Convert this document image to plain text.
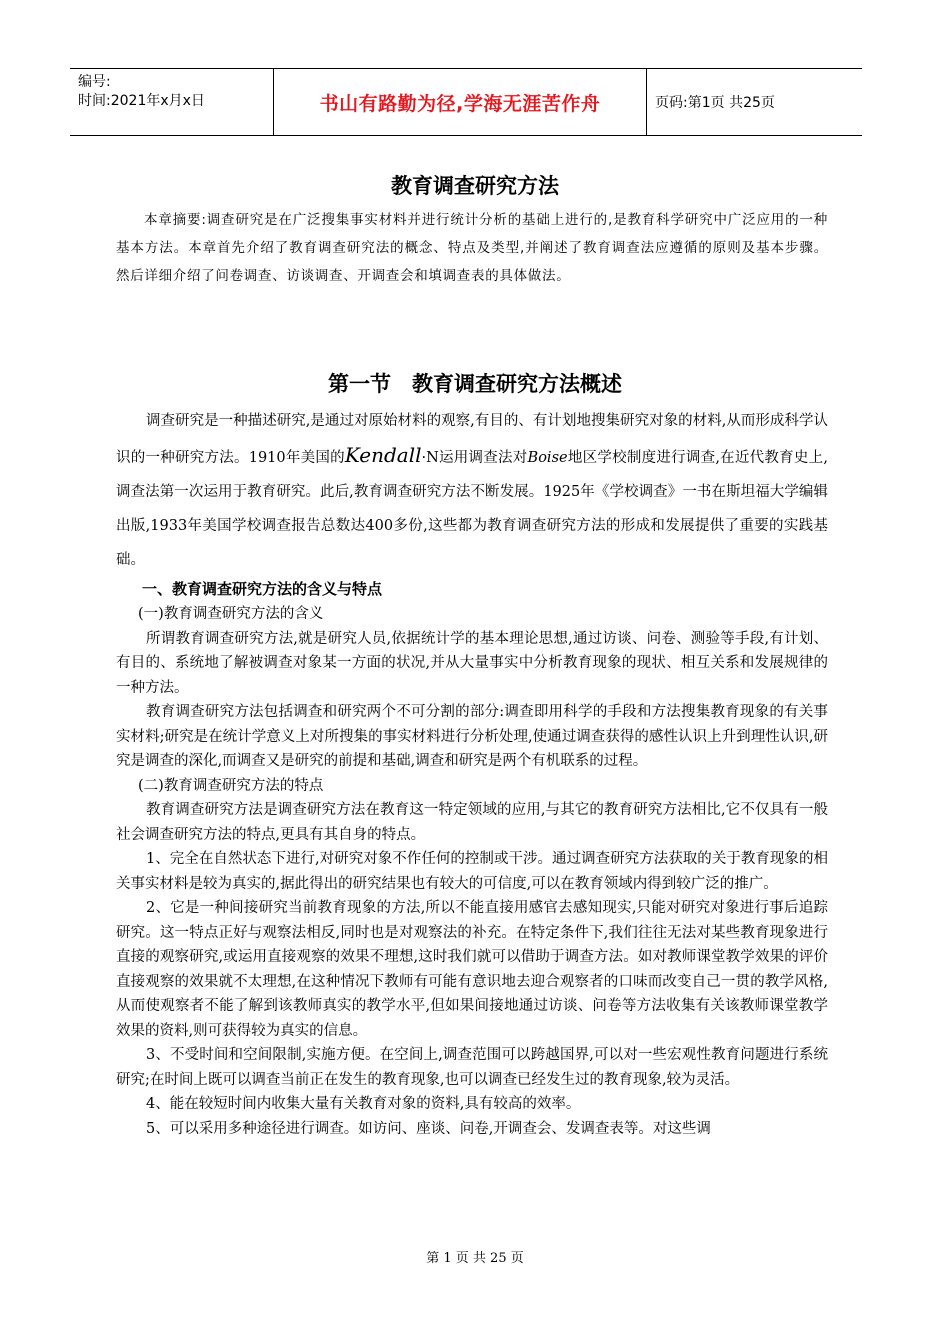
编号:
时间:2021年x月x日	书山有路勤为径,学海无涯苦作舟	页码:第1页 共25页
教育调查研究方法

本章摘要:调查研究是在广泛搜集事实材料并进行统计分析的基础上进行的,是教育科学研究中广泛应用的一种基本方法。本章首先介绍了教育调查研究法的概念、特点及类型,并阐述了教育调查法应遵循的原则及基本步骤。然后详细介绍了问卷调查、访谈调查、开调查会和填调查表的具体做法。

第一节　教育调查研究方法概述

调查研究是一种描述研究,是通过对原始材料的观察,有目的、有计划地搜集研究对象的材料,从而形成科学认识的一种研究方法。1910年美国的Kendall·N运用调查法对Boise地区学校制度进行调查,在近代教育史上,调查法第一次运用于教育研究。此后,教育调查研究方法不断发展。1925年《学校调查》一书在斯坦福大学编辑出版,1933年美国学校调查报告总数达400多份,这些都为教育调查研究方法的形成和发展提供了重要的实践基础。

一、教育调查研究方法的含义与特点
(一)教育调查研究方法的含义

所谓教育调查研究方法,就是研究人员,依据统计学的基本理论思想,通过访谈、问卷、测验等手段,有计划、有目的、系统地了解被调查对象某一方面的状况,并从大量事实中分析教育现象的现状、相互关系和发展规律的一种方法。

教育调查研究方法包括调查和研究两个不可分割的部分:调查即用科学的手段和方法搜集教育现象的有关事实材料;研究是在统计学意义上对所搜集的事实材料进行分析处理,使通过调查获得的感性认识上升到理性认识,研究是调查的深化,而调查又是研究的前提和基础,调查和研究是两个有机联系的过程。

(二)教育调查研究方法的特点

教育调查研究方法是调查研究方法在教育这一特定领域的应用,与其它的教育研究方法相比,它不仅具有一般社会调查研究方法的特点,更具有其自身的特点。

1、完全在自然状态下进行,对研究对象不作任何的控制或干涉。通过调查研究方法获取的关于教育现象的相关事实材料是较为真实的,据此得出的研究结果也有较大的可信度,可以在教育领域内得到较广泛的推广。

2、它是一种间接研究当前教育现象的方法,所以不能直接用感官去感知现实,只能对研究对象进行事后追踪研究。这一特点正好与观察法相反,同时也是对观察法的补充。在特定条件下,我们往往无法对某些教育现象进行直接的观察研究,或运用直接观察的效果不理想,这时我们就可以借助于调查方法。如对教师课堂教学效果的评价直接观察的效果就不太理想,在这种情况下教师有可能有意识地去迎合观察者的口味而改变自己一贯的教学风格,从而使观察者不能了解到该教师真实的教学水平,但如果间接地通过访谈、问卷等方法收集有关该教师课堂教学效果的资料,则可获得较为真实的信息。

3、不受时间和空间限制,实施方便。在空间上,调查范围可以跨越国界,可以对一些宏观性教育问题进行系统研究;在时间上既可以调查当前正在发生的教育现象,也可以调查已经发生过的教育现象,较为灵活。

4、能在较短时间内收集大量有关教育对象的资料,具有较高的效率。

5、可以采用多种途径进行调查。如访问、座谈、问卷,开调查会、发调查表等。对这些调

第 1 页 共 25 页
